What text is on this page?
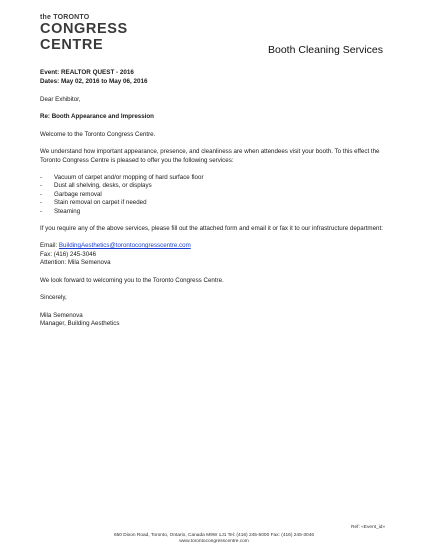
the TORONTO
CONGRESS
CENTRE	Booth Cleaning Services
Event: REALTOR QUEST - 2016
Dates: May 02, 2016 to May 06, 2016

Dear Exhibitor,

Re: Booth Appearance and Impression

Welcome to the Toronto Congress Centre.

We understand how important appearance, presence, and cleanliness are when attendees visit your booth. To this effect the Toronto Congress Centre is pleased to offer you the following services:

- Vacuum of carpet and/or mopping of hard surface floor
- Dust all shelving, desks, or displays
- Garbage removal
- Stain removal on carpet if needed
- Steaming

If you require any of the above services, please fill out the attached form and email it or fax it to our infrastructure department:

Email: BuildingAesthetics@torontocongresscentre.com
Fax: (416) 245-3046
Attention: Mila Semenova

We look forward to welcoming you to the Toronto Congress Centre.

Sincerely,

Mila Semenova
Manager, Building Aesthetics

Ref: «Event_id»
650 Dixon Road, Toronto, Ontario, Canada M9W 1J1 Tel: (416) 245-5000 Fax: (416) 245-3046
www.torontocongresscentre.com
